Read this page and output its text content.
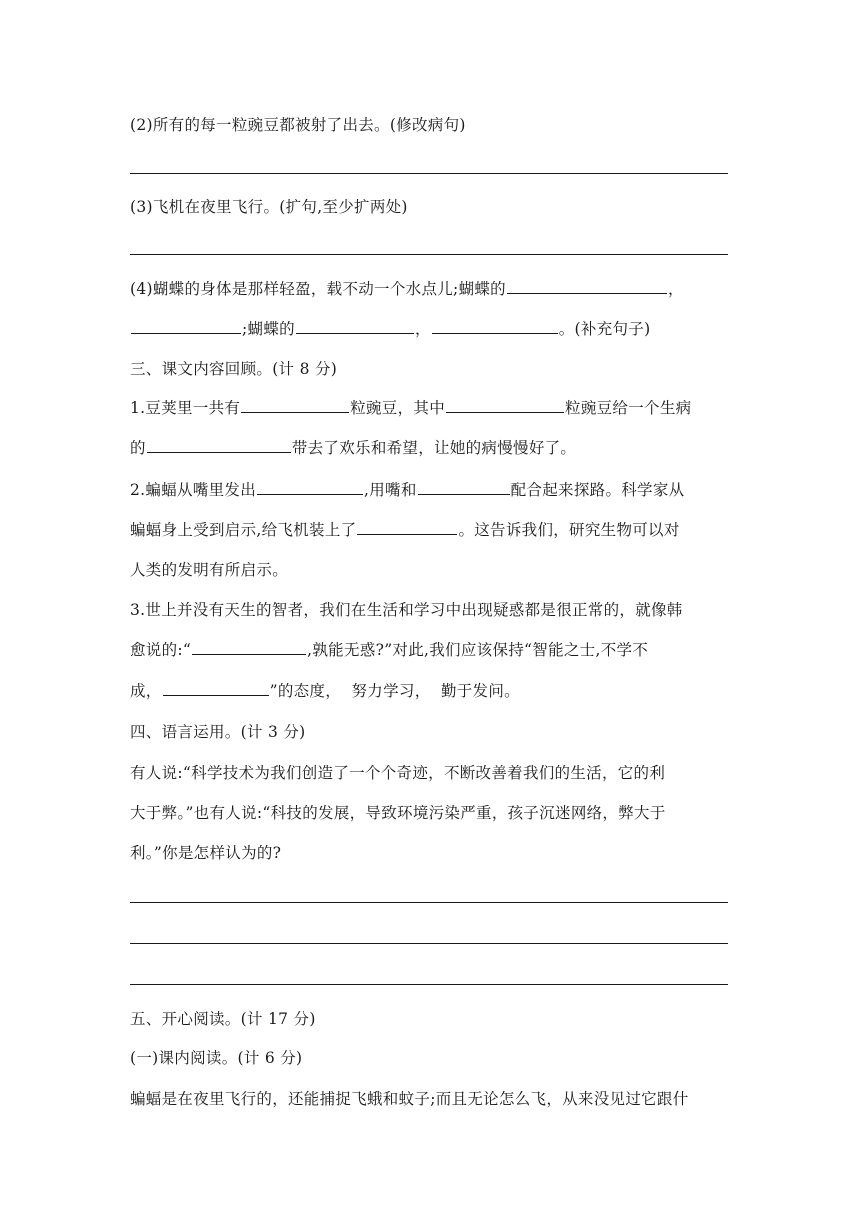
(2)所有的每一粒豌豆都被射了出去。(修改病句)
(3)飞机在夜里飞行。(扩句,至少扩两处)
(4)蝴蝶的身体是那样轻盈，载不动一个水点儿;蝴蝶的	，
;蝴蝶的	，	。(补充句子)
三、课文内容回顾。(计 8 分)
1.豆荚里一共有	粒豌豆，其中	粒豌豆给一个生病
的	带去了欢乐和希望，让她的病慢慢好了。
2.蝙蝠从嘴里发出	,用嘴和	配合起来探路。科学家从
蝙蝠身上受到启示,给飞机装上了	。这告诉我们，研究生物可以对
人类的发明有所启示。
3.世上并没有天生的智者，我们在生活和学习中出现疑惑都是很正常的，就像韩
愈说的:“	,孰能无惑?”对此,我们应该保持“智能之士,不学不
成，	”的态度，  努力学习，  勤于发问。
四、语言运用。(计 3 分)
有人说:“科学技术为我们创造了一个个奇迹，不断改善着我们的生活，它的利
大于弊。”也有人说:“科技的发展，导致环境污染严重，孩子沉迷网络，弊大于
利。”你是怎样认为的?
五、开心阅读。(计 17 分)
(一)课内阅读。(计 6 分)
蝙蝠是在夜里飞行的，还能捕捉飞蛾和蚊子;而且无论怎么飞，从来没见过它跟什
